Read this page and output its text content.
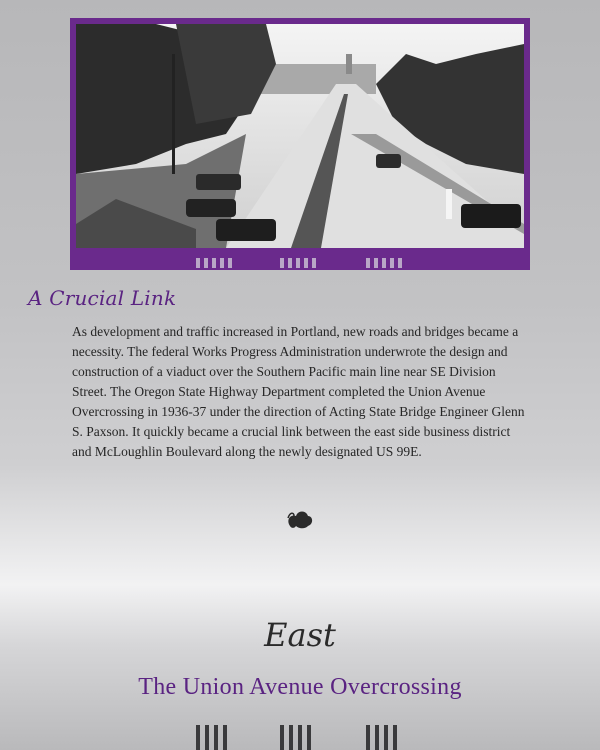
A Crucial Link

As development and traffic increased in Portland, new roads and bridges became a necessity. The federal Works Progress Administration underwrote the design and construction of a viaduct over the Southern Pacific main line near SE Division Street. The Oregon State Highway Department completed the Union Avenue Overcrossing in 1936-37 under the direction of Acting State Bridge Engineer Glenn S. Paxson. It quickly became a crucial link between the east side business district and McLoughlin Boulevard along the newly designated US 99E.

East
The Union Avenue Overcrossing
